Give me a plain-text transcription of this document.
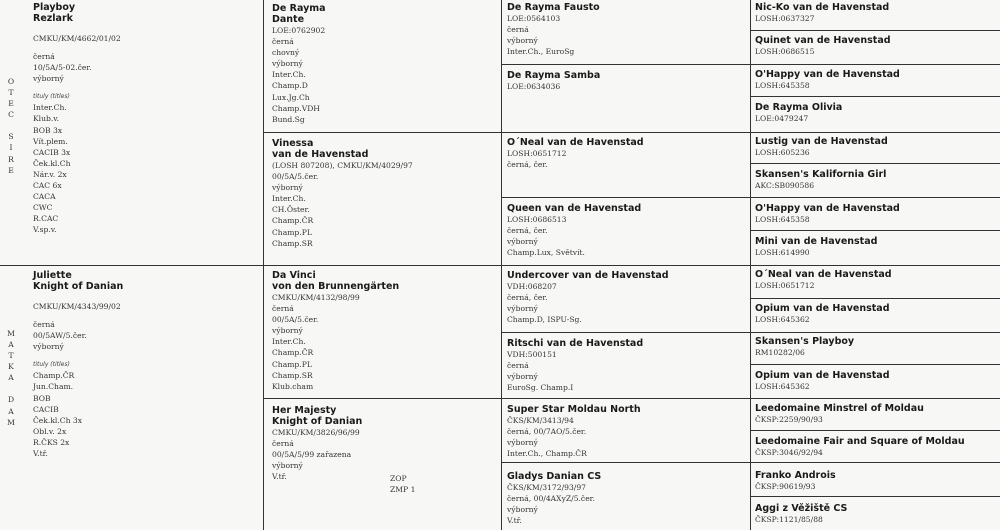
O
T
E
C
S
I
R
E
M
A
T
K
A
D
A
M
Playboy
Rezlark
CMKU/KM/4662/01/02
černá
10/5A/5-02.čer.
výborný
tituly (titles)
Inter.Ch.
Klub.v.
BOB 3x
Vít.plem.
CACIB 3x
Ček.kl.Ch
Nár.v. 2x
CAC 6x
CACA
CWC
R.CAC
V.sp.v.
Juliette
Knight of Danian
CMKU/KM/4343/99/02
černá
00/5AW/5.čer.
výborný
tituly (titles)
Champ.ČR
Jun.Cham.
BOB
CACIB
Ček.kl.Ch 3x
Obl.v. 2x
R.ČKS 2x
V.tř.
De Rayma
Dante
LOE:0762902
černá
chovný
výborný
Inter.Ch.
Champ.D
Lux.Jg.Ch
Champ.VDH
Bund.Sg
Vinessa
van de Havenstad
(LOSH 807208), CMKU/KM/4029/97
00/5A/5.čer.
výborný
Inter.Ch.
CH.Öster.
Champ.ČR
Champ.PL
Champ.SR
Da Vinci
von den Brunnengärten
CMKU/KM/4132/98/99
černá
00/5A/5.čer.
výborný
Inter.Ch.
Champ.ČR
Champ.PL
Champ.SR
Klub.cham
Her Majesty
Knight of Danian
CMKU/KM/3826/96/99
černá
00/5A/5/99 zařazena
výborný
V.tř.	ZOP
ZMP 1
De Rayma Fausto
LOE:0564103
černá
výborný
Inter.Ch., EuroSg
De Rayma Samba
LOE:0634036
O´Neal van de Havenstad
LOSH:0651712
černá, čer.
Queen van de Havenstad
LOSH:0686513
černá, čer.
výborný
Champ.Lux, Světvít.
Undercover van de Havenstad
VDH:068207
černá, čer.
výborný
Champ.D, ISPU-Sg.
Ritschi van de Havenstad
VDH:500151
černá
výborný
EuroSg. Champ.I
Super Star Moldau North
ČKS/KM/3413/94
černá, 00/7AO/5.čer.
výborný
Inter.Ch., Champ.ČR
Gladys Danian CS
ČKS/KM/3172/93/97
černá, 00/4AXyZ/5.čer.
výborný
V.tř.
Nic-Ko van de Havenstad
LOSH:0637327
Quinet van de Havenstad
LOSH:0686515
O'Happy van de Havenstad
LOSH:645358
De Rayma Olivia
LOE:0479247
Lustig van de Havenstad
LOSH:605236
Skansen's Kalifornia Girl
AKC:SB090586
O'Happy van de Havenstad
LOSH:645358
Mini van de Havenstad
LOSH:614990
O´Neal van de Havenstad
LOSH:0651712
Opium van de Havenstad
LOSH:645362
Skansen's Playboy
RM10282/06
Opium van de Havenstad
LOSH:645362
Leedomaine Minstrel of Moldau
ČKSP:2259/90/93
Leedomaine Fair and Square of Moldau
ČKSP:3046/92/94
Franko Androis
ČKSP:90619/93
Aggi z Věžiště CS
ČKSP:1121/85/88
